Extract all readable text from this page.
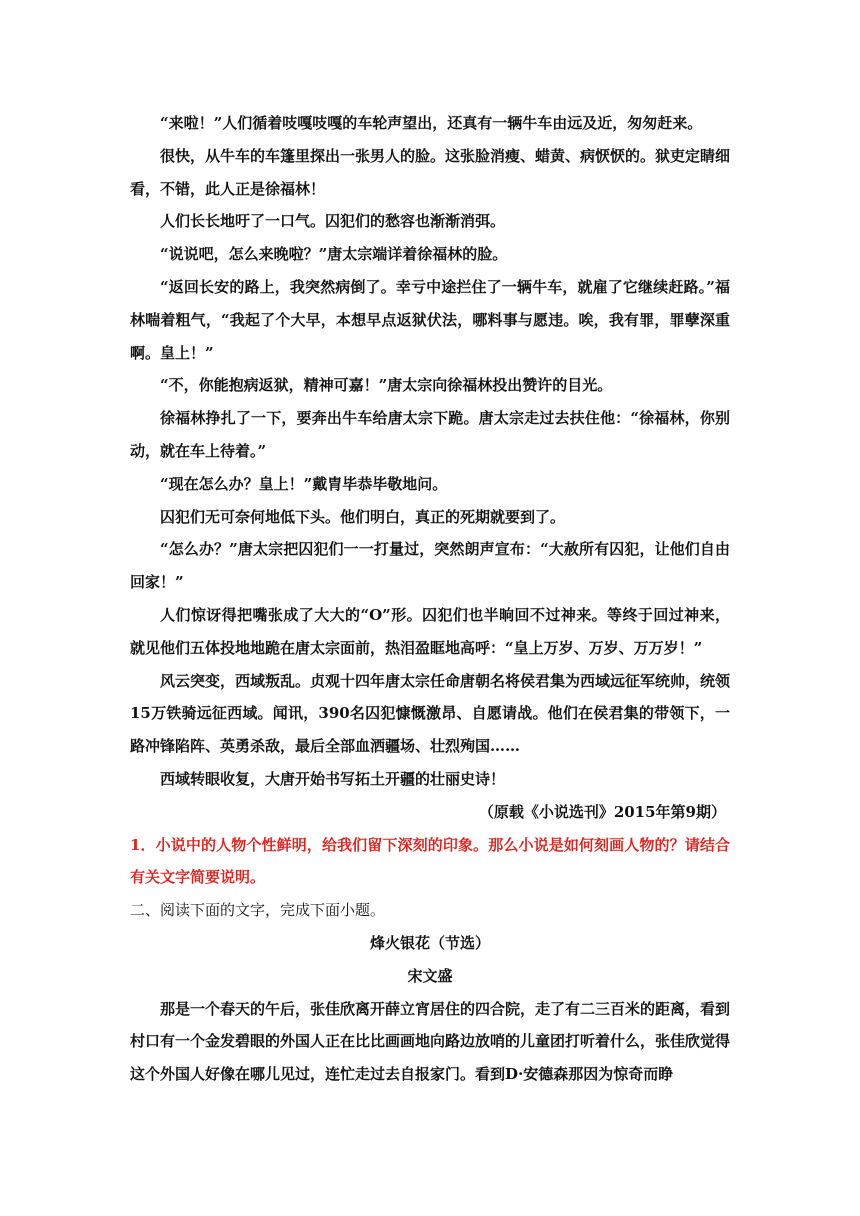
“来啦！”人们循着吱嘎吱嘎的车轮声望出，还真有一辆牛车由远及近，匆匆赶来。

很快，从牛车的车篷里探出一张男人的脸。这张脸消瘦、蜡黄、病恹恹的。狱吏定睛细看，不错，此人正是徐福林！

人们长长地吁了一口气。囚犯们的愁容也渐渐消弭。

“说说吧，怎么来晚啦？”唐太宗端详着徐福林的脸。

“返回长安的路上，我突然病倒了。幸亏中途拦住了一辆牛车，就雇了它继续赶路。”福林喘着粗气，“我起了个大早，本想早点返狱伏法，哪料事与愿违。唉，我有罪，罪孽深重啊。皇上！”

“不，你能抱病返狱，精神可嘉！”唐太宗向徐福林投出赞许的目光。

徐福林挣扎了一下，要奔出牛车给唐太宗下跪。唐太宗走过去扶住他：“徐福林，你别动，就在车上待着。”

“现在怎么办？皇上！”戴胄毕恭毕敬地问。

囚犯们无可奈何地低下头。他们明白，真正的死期就要到了。

“怎么办？”唐太宗把囚犯们一一打量过，突然朗声宣布：“大赦所有囚犯，让他们自由回家！”

人们惊讶得把嘴张成了大大的“O”形。囚犯们也半晌回不过神来。等终于回过神来，就见他们五体投地地跪在唐太宗面前，热泪盈眶地高呼：“皇上万岁、万岁、万万岁！”

风云突变，西域叛乱。贞观十四年唐太宗任命唐朝名将侯君集为西域远征军统帅，统领15万铁骑远征西域。闻讯，390名囚犯慷慨激昂、自愿请战。他们在侯君集的带领下，一路冲锋陷阵、英勇杀敌，最后全部血洒疆场、壮烈殉国……

西域转眼收复，大唐开始书写拓土开疆的壮丽史诗！

（原载《小说选刊》2015年第9期）

1．小说中的人物个性鲜明，给我们留下深刻的印象。那么小说是如何刻画人物的？请结合有关文字简要说明。

二、阅读下面的文字，完成下面小题。

烽火银花（节选）

宋文盛

那是一个春天的午后，张佳欣离开薛立宵居住的四合院，走了有二三百米的距离，看到村口有一个金发碧眼的外国人正在比比画画地向路边放哨的儿童团打听着什么，张佳欣觉得这个外国人好像在哪儿见过，连忙走过去自报家门。看到D·安德森那因为惊奇而睁
